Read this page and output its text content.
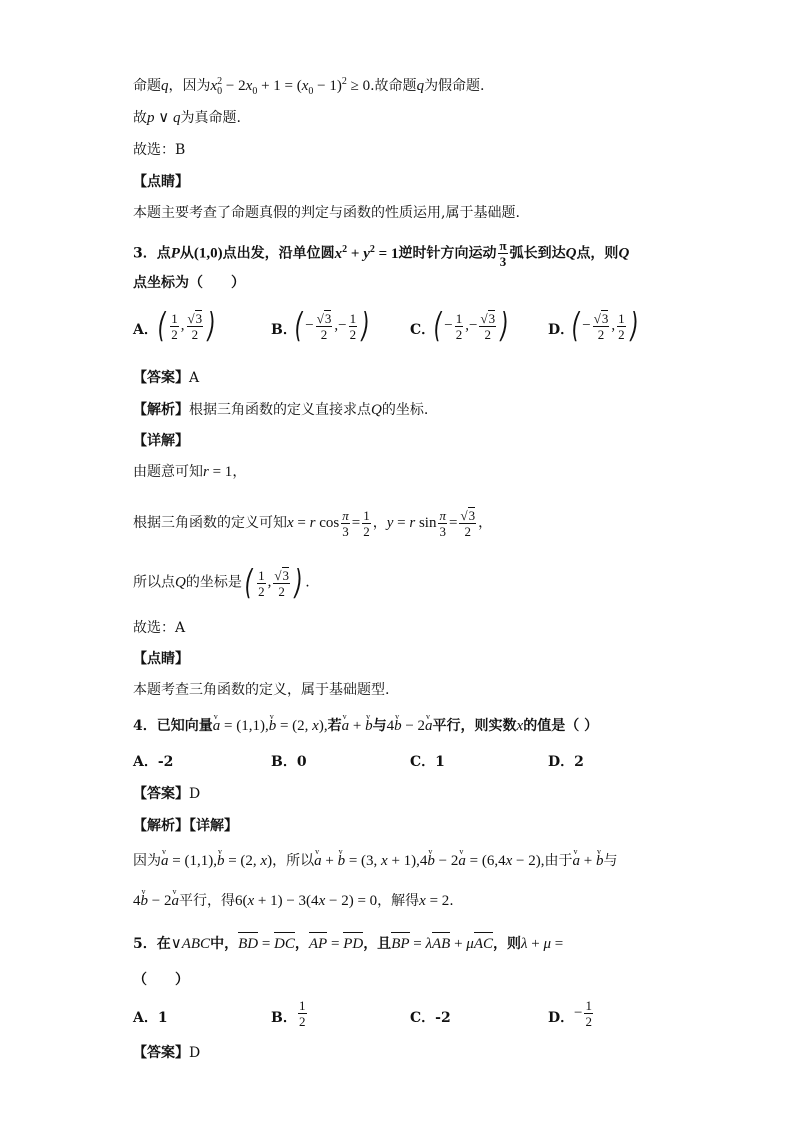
命题q，因为$x_0^2 - 2x_0 + 1 = (x_0 - 1)^2 \ge 0$.故命题q为假命题.
故p ∨ q为真命题.
故选：B
【点睛】
本题主要考查了命题真假的判定与函数的性质运用,属于基础题.
3．点P从(1,0)点出发，沿单位圆$x^2 + y^2 = 1$逆时针方向运动 $\frac{\pi}{3}$ 弧长到达Q点，则Q
点坐标为（　　）
A． ( $\frac{1}{2}$ , $\frac{√3}{2}$ )	B．
( − $\frac{√3}{2}$ ,− $\frac{1}{2}$ )	C．
( − $\frac{1}{2}$ ,− $\frac{√3}{2}$ )	D．
( − $\frac{√3}{2}$ , $\frac{1}{2}$ )
【答案】A
【解析】根据三角函数的定义直接求点Q的坐标.
【详解】
由题意可知r = 1，
根据三角函数的定义可知x = r $\cos \frac{\pi}{3} = \frac{1}{2}$ ，y = r $\sin \frac{\pi}{3} = \frac{√3}{2}$ ，
所以点Q的坐标是( $\frac{1}{2}$ , $\frac{√3}{2}$ ) .
故选：A
【点睛】
本题考查三角函数的定义，属于基础题型.
4．已知向量v a = (1,1),v b = (2, x),若v a + v b与4v b − 2v a平行，则实数x的值是（ ）
A．-2	B．0	C．1	D．2
【答案】D
【解析】【详解】
因为v a = (1,1),v b = (2, x)，所以v a + v b = (3, x + 1),4v b − 2v a = (6,4x − 2),由于v a + v b与
4v b − 2v a平行，得6(x + 1) − 3(4x − 2) = 0，解得x = 2.
5．在∨ABC中，BD = DC，AP = PD，且BP = λAB + μAC，则λ + μ =
（　　）
A．1	B． $\frac{1}{2}$	C．-2	D． − $\frac{1}{2}$
【答案】D
